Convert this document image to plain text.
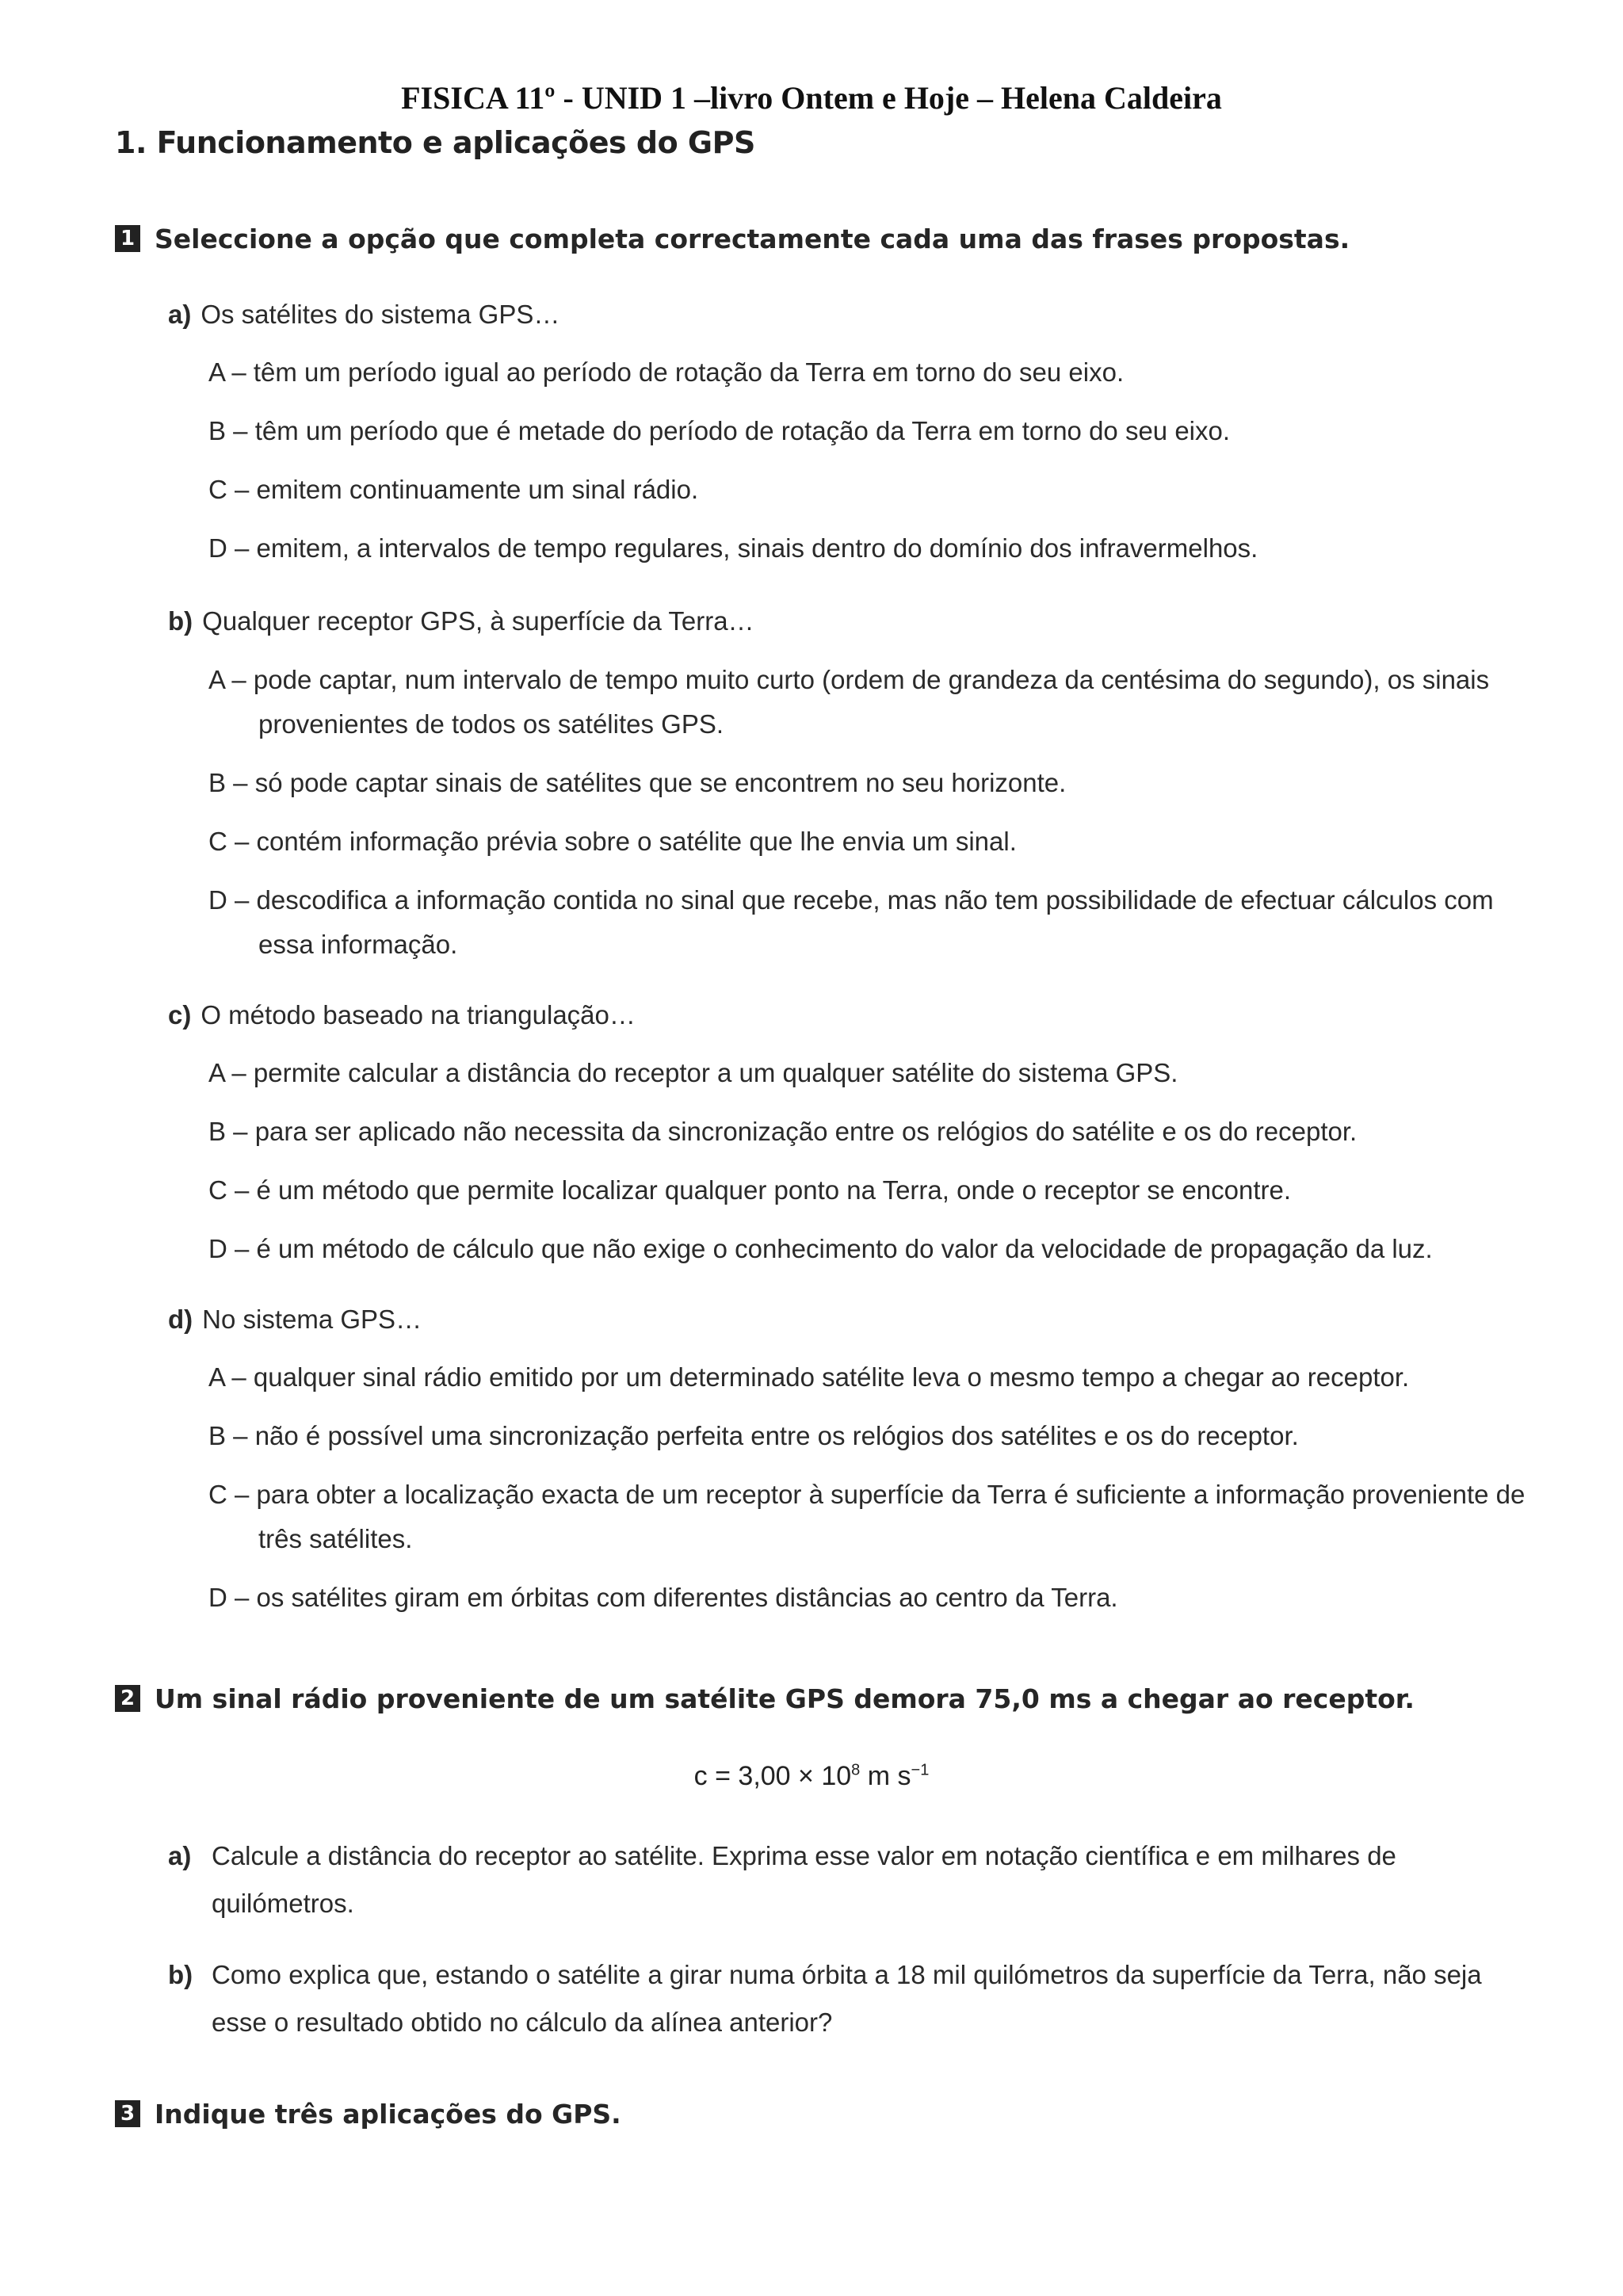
FISICA 11º - UNID 1 –livro Ontem e Hoje – Helena Caldeira
1. Funcionamento e aplicações do GPS
1 Seleccione a opção que completa correctamente cada uma das frases propostas.
a) Os satélites do sistema GPS…
A – têm um período igual ao período de rotação da Terra em torno do seu eixo.
B – têm um período que é metade do período de rotação da Terra em torno do seu eixo.
C – emitem continuamente um sinal rádio.
D – emitem, a intervalos de tempo regulares, sinais dentro do domínio dos infravermelhos.
b) Qualquer receptor GPS, à superfície da Terra…
A – pode captar, num intervalo de tempo muito curto (ordem de grandeza da centésima do segundo), os sinais provenientes de todos os satélites GPS.
B – só pode captar sinais de satélites que se encontrem no seu horizonte.
C – contém informação prévia sobre o satélite que lhe envia um sinal.
D – descodifica a informação contida no sinal que recebe, mas não tem possibilidade de efectuar cálculos com essa informação.
c) O método baseado na triangulação…
A – permite calcular a distância do receptor a um qualquer satélite do sistema GPS.
B – para ser aplicado não necessita da sincronização entre os relógios do satélite e os do receptor.
C – é um método que permite localizar qualquer ponto na Terra, onde o receptor se encontre.
D – é um método de cálculo que não exige o conhecimento do valor da velocidade de propagação da luz.
d) No sistema GPS…
A – qualquer sinal rádio emitido por um determinado satélite leva o mesmo tempo a chegar ao receptor.
B – não é possível uma sincronização perfeita entre os relógios dos satélites e os do receptor.
C – para obter a localização exacta de um receptor à superfície da Terra é suficiente a informação proveniente de três satélites.
D – os satélites giram em órbitas com diferentes distâncias ao centro da Terra.
2 Um sinal rádio proveniente de um satélite GPS demora 75,0 ms a chegar ao receptor.
$c = 3,00 \times 10^8$ m $s^{-1}$
a) Calcule a distância do receptor ao satélite. Exprima esse valor em notação científica e em milhares de quilómetros.
b) Como explica que, estando o satélite a girar numa órbita a 18 mil quilómetros da superfície da Terra, não seja esse o resultado obtido no cálculo da alínea anterior?
3 Indique três aplicações do GPS.
